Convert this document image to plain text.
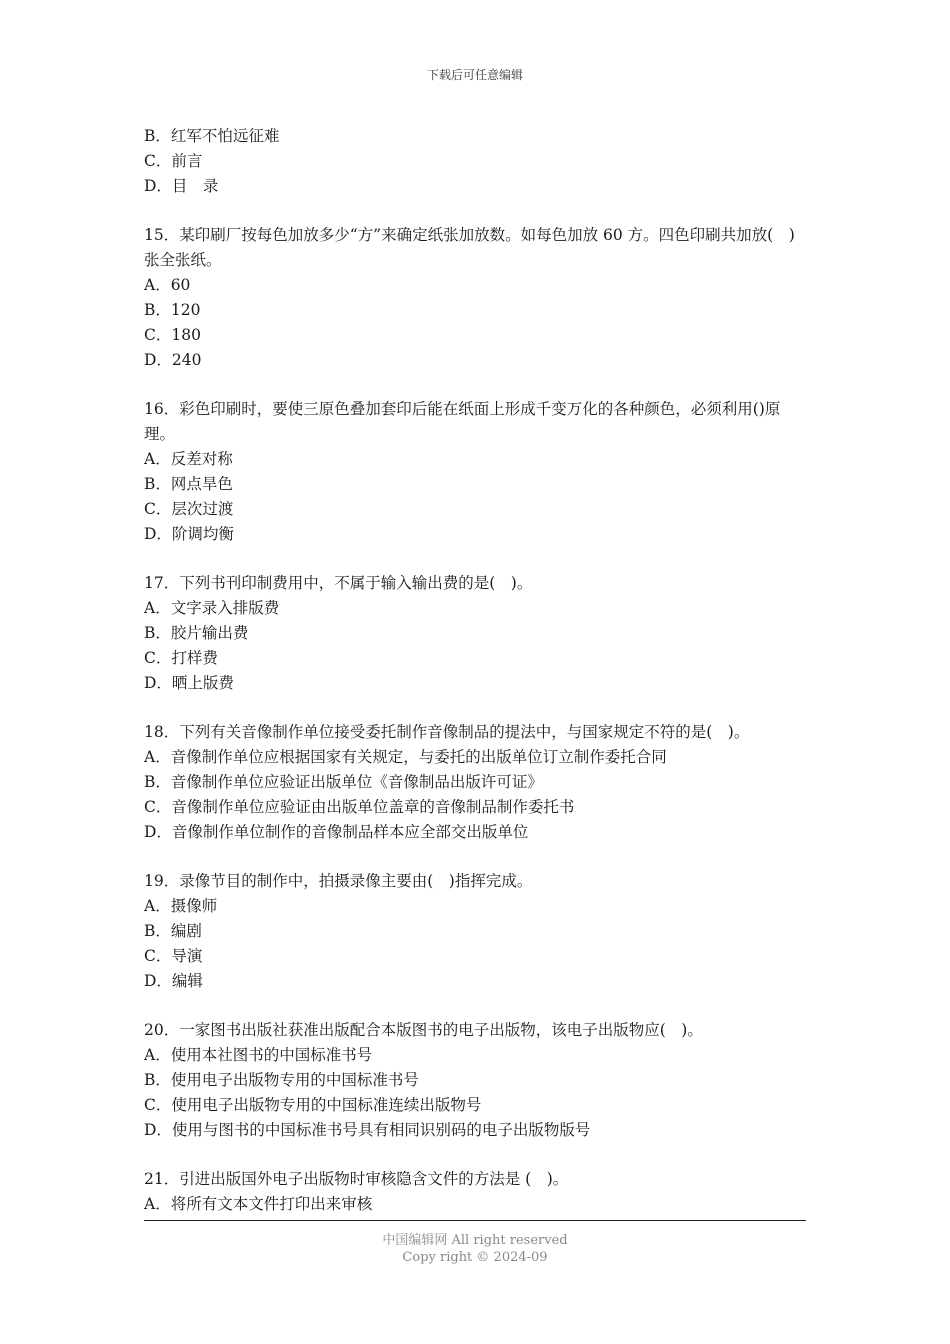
下载后可任意编辑
B．红军不怕远征难
C．前言
D．目　录
15．某印刷厂按每色加放多少“方”来确定纸张加放数。如每色加放 60 方。四色印刷共加放(　)张全张纸。
A．60
B．120
C．180
D．240
16．彩色印刷时，要使三原色叠加套印后能在纸面上形成千变万化的各种颜色，必须利用()原理。
A．反差对称
B．网点旱色
C．层次过渡
D．阶调均衡
17．下列书刊印制费用中，不属于输入输出费的是(　)。
A．文字录入排版费
B．胶片输出费
C．打样费
D．晒上版费
18．下列有关音像制作单位接受委托制作音像制品的提法中，与国家规定不符的是(　)。
A．音像制作单位应根据国家有关规定，与委托的出版单位订立制作委托合同
B．音像制作单位应验证出版单位《音像制品出版许可证》
C．音像制作单位应验证由出版单位盖章的音像制品制作委托书
D．音像制作单位制作的音像制品样本应全部交出版单位
19．录像节目的制作中，拍摄录像主要由(　)指挥完成。
A．摄像师
B．编剧
C．导演
D．编辑
20．一家图书出版社获准出版配合本版图书的电子出版物，该电子出版物应(　)。
A．使用本社图书的中国标准书号
B．使用电子出版物专用的中国标准书号
C．使用电子出版物专用的中国标准连续出版物号
D．使用与图书的中国标准书号具有相同识别码的电子出版物版号
21．引进出版国外电子出版物时审核隐含文件的方法是 (　)。
A．将所有文本文件打印出来审核
中国编辑网 All right reserved
Copy right © 2024-09
